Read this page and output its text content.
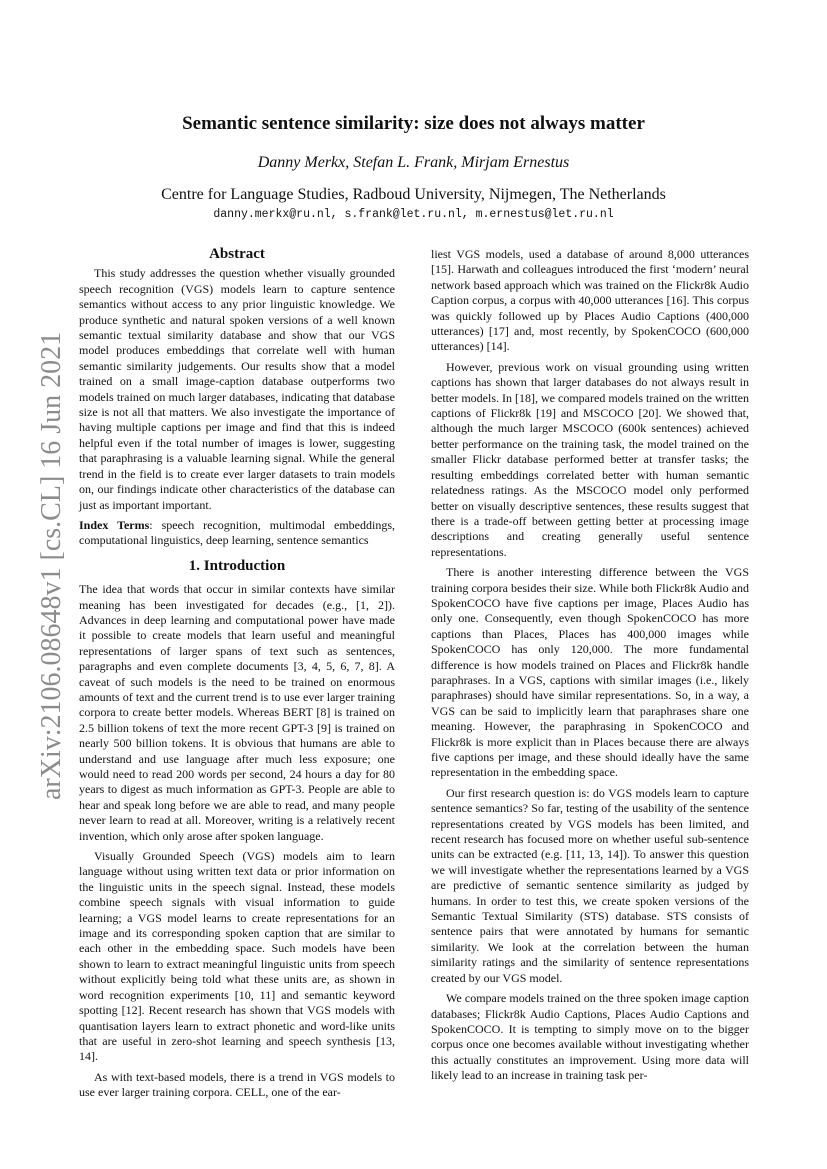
arXiv:2106.08648v1 [cs.CL] 16 Jun 2021
Semantic sentence similarity: size does not always matter
Danny Merkx, Stefan L. Frank, Mirjam Ernestus
Centre for Language Studies, Radboud University, Nijmegen, The Netherlands
danny.merkx@ru.nl, s.frank@let.ru.nl, m.ernestus@let.ru.nl
Abstract

This study addresses the question whether visually grounded speech recognition (VGS) models learn to capture sentence semantics without access to any prior linguistic knowledge. We produce synthetic and natural spoken versions of a well known semantic textual similarity database and show that our VGS model produces embeddings that correlate well with human semantic similarity judgements. Our results show that a model trained on a small image-caption database outperforms two models trained on much larger databases, indicating that database size is not all that matters. We also investigate the importance of having multiple captions per image and find that this is indeed helpful even if the total number of images is lower, suggesting that paraphrasing is a valuable learning signal. While the general trend in the field is to create ever larger datasets to train models on, our findings indicate other characteristics of the database can just as important important.

Index Terms: speech recognition, multimodal embeddings, computational linguistics, deep learning, sentence semantics

1. Introduction

The idea that words that occur in similar contexts have similar meaning has been investigated for decades (e.g., [1, 2]). Advances in deep learning and computational power have made it possible to create models that learn useful and meaningful representations of larger spans of text such as sentences, paragraphs and even complete documents [3, 4, 5, 6, 7, 8]. A caveat of such models is the need to be trained on enormous amounts of text and the current trend is to use ever larger training corpora to create better models. Whereas BERT [8] is trained on 2.5 billion tokens of text the more recent GPT-3 [9] is trained on nearly 500 billion tokens. It is obvious that humans are able to understand and use language after much less exposure; one would need to read 200 words per second, 24 hours a day for 80 years to digest as much information as GPT-3. People are able to hear and speak long before we are able to read, and many people never learn to read at all. Moreover, writing is a relatively recent invention, which only arose after spoken language.

Visually Grounded Speech (VGS) models aim to learn language without using written text data or prior information on the linguistic units in the speech signal. Instead, these models combine speech signals with visual information to guide learning; a VGS model learns to create representations for an image and its corresponding spoken caption that are similar to each other in the embedding space. Such models have been shown to learn to extract meaningful linguistic units from speech without explicitly being told what these units are, as shown in word recognition experiments [10, 11] and semantic keyword spotting [12]. Recent research has shown that VGS models with quantisation layers learn to extract phonetic and word-like units that are useful in zero-shot learning and speech synthesis [13, 14].

As with text-based models, there is a trend in VGS models to use ever larger training corpora. CELL, one of the ear-

liest VGS models, used a database of around 8,000 utterances [15]. Harwath and colleagues introduced the first ‘modern’ neural network based approach which was trained on the Flickr8k Audio Caption corpus, a corpus with 40,000 utterances [16]. This corpus was quickly followed up by Places Audio Captions (400,000 utterances) [17] and, most recently, by SpokenCOCO (600,000 utterances) [14].

However, previous work on visual grounding using written captions has shown that larger databases do not always result in better models. In [18], we compared models trained on the written captions of Flickr8k [19] and MSCOCO [20]. We showed that, although the much larger MSCOCO (600k sentences) achieved better performance on the training task, the model trained on the smaller Flickr database performed better at transfer tasks; the resulting embeddings correlated better with human semantic relatedness ratings. As the MSCOCO model only performed better on visually descriptive sentences, these results suggest that there is a trade-off between getting better at processing image descriptions and creating generally useful sentence representations.

There is another interesting difference between the VGS training corpora besides their size. While both Flickr8k Audio and SpokenCOCO have five captions per image, Places Audio has only one. Consequently, even though SpokenCOCO has more captions than Places, Places has 400,000 images while SpokenCOCO has only 120,000. The more fundamental difference is how models trained on Places and Flickr8k handle paraphrases. In a VGS, captions with similar images (i.e., likely paraphrases) should have similar representations. So, in a way, a VGS can be said to implicitly learn that paraphrases share one meaning. However, the paraphrasing in SpokenCOCO and Flickr8k is more explicit than in Places because there are always five captions per image, and these should ideally have the same representation in the embedding space.

Our first research question is: do VGS models learn to capture sentence semantics? So far, testing of the usability of the sentence representations created by VGS models has been limited, and recent research has focused more on whether useful sub-sentence units can be extracted (e.g. [11, 13, 14]). To answer this question we will investigate whether the representations learned by a VGS are predictive of semantic sentence similarity as judged by humans. In order to test this, we create spoken versions of the Semantic Textual Similarity (STS) database. STS consists of sentence pairs that were annotated by humans for semantic similarity. We look at the correlation between the human similarity ratings and the similarity of sentence representations created by our VGS model.

We compare models trained on the three spoken image caption databases; Flickr8k Audio Captions, Places Audio Captions and SpokenCOCO. It is tempting to simply move on to the bigger corpus once one becomes available without investigating whether this actually constitutes an improvement. Using more data will likely lead to an increase in training task per-
